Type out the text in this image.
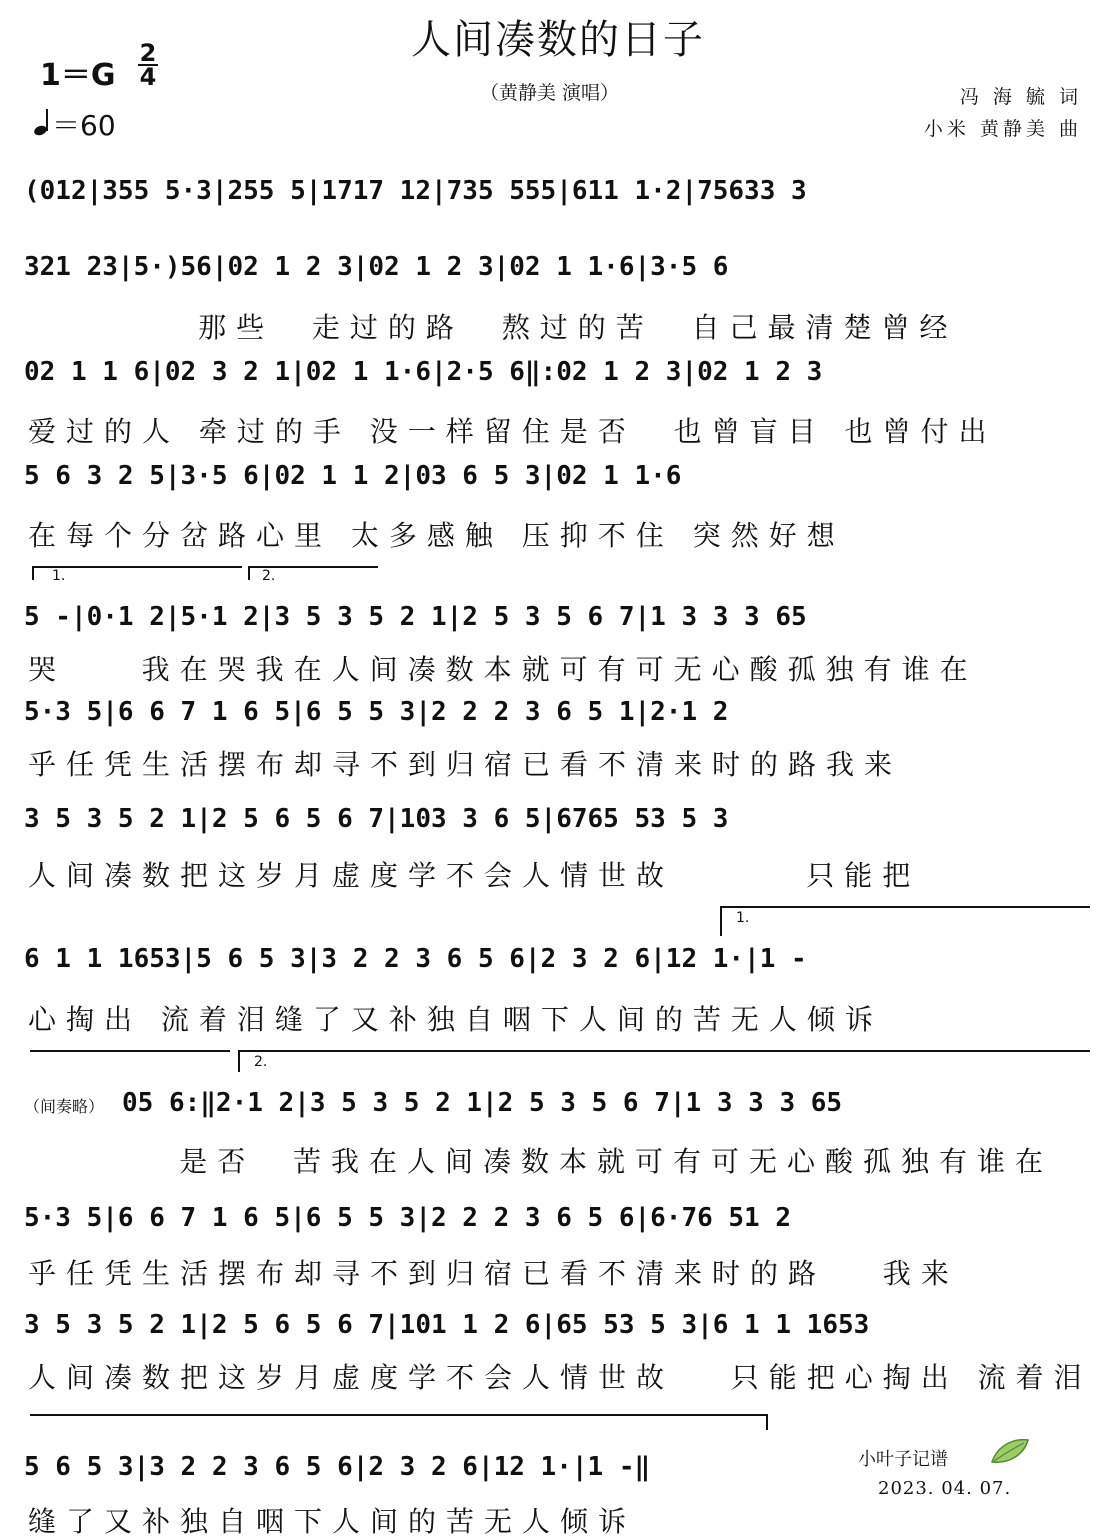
人间凑数的日子
$1=G \frac{2}{4}$
＝60
（黄静美 演唱）	冯 海 毓 词
小米 黄静美 曲
(012|355 5·3|255 5|1717 12|735 555|611 1·2|75633 3
321 23|5·)56|02 1 2 3|02 1 2 3|02 1 1·6|3·5 6
那些  走过的路  熬过的苦  自己最清楚曾经
02 1 1 6|02 3 2 1|02 1 1·6|2·5 6‖:02 1 2 3|02 1 2 3
爱过的人 牵过的手 没一样留住是否  也曾盲目 也曾付出
5 6 3 2 5|3·5 6|02 1 1 2|03 6 5 3|02 1 1·6
在每个分岔路心里 太多感触 压抑不住 突然好想
1.	2.
5 -|0·1 2|5·1 2|3 5 3 5 2 1|2 5 3 5 6 7|1 3 3 3 65
哭    我在哭我在人间凑数本就可有可无心酸孤独有谁在
5·3 5|6 6 7 1 6 5|6 5 5 3|2 2 2 3 6 5 1|2·1 2
乎任凭生活摆布却寻不到归宿已看不清来时的路我来
3 5 3 5 2 1|2 5 6 5 6 7|103 3 6 5|6765 53 5 3
人间凑数把这岁月虚度学不会人情世故       只能把
1.
6 1 1 1653|5 6 5 3|3 2 2 3 6 5 6|2 3 2 6|12 1·|1 -
心掏出 流着泪缝了又补独自咽下人间的苦无人倾诉
2.
（间奏略） 05 6:‖2·1 2|3 5 3 5 2 1|2 5 3 5 6 7|1 3 3 3 65
是否  苦我在人间凑数本就可有可无心酸孤独有谁在
5·3 5|6 6 7 1 6 5|6 5 5 3|2 2 2 3 6 5 6|6·76 51 2
乎任凭生活摆布却寻不到归宿已看不清来时的路   我来
3 5 3 5 2 1|2 5 6 5 6 7|101 1 2 6|65 53 5 3|6 1 1 1653
人间凑数把这岁月虚度学不会人情世故   只能把心掏出 流着泪
5 6 5 3|3 2 2 3 6 5 6|2 3 2 6|12 1·|1 -‖
缝了又补独自咽下人间的苦无人倾诉
小叶子记谱
2023. 04. 07.
